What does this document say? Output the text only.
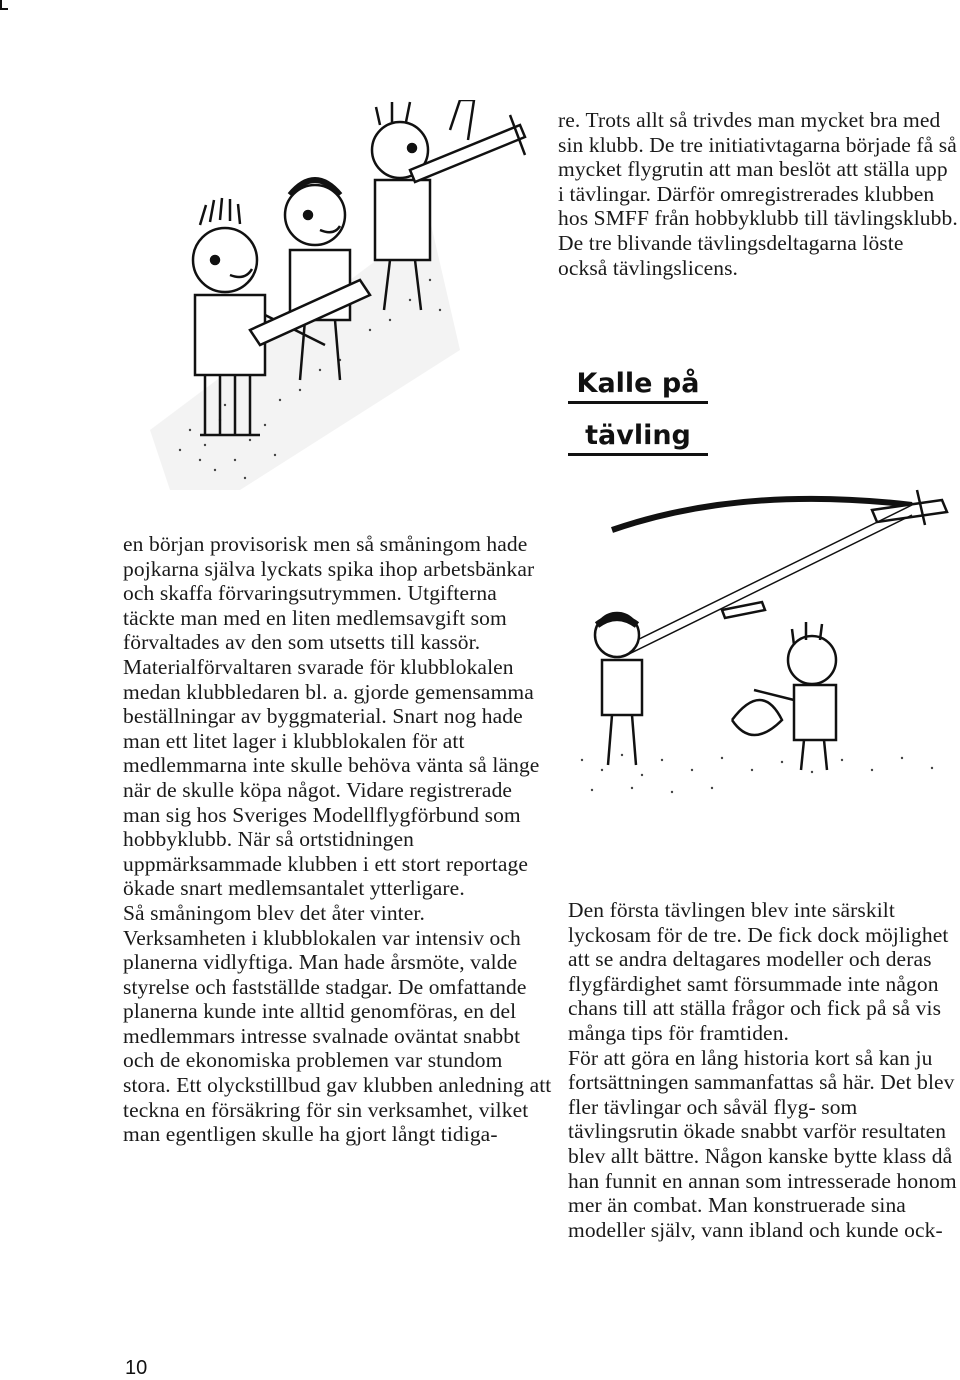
re. Trots allt så trivdes man mycket bra med sin klubb. De tre initiativtagarna började få så mycket flygrutin att man beslöt att ställa upp i tävlingar. Därför omregistrerades klubben hos SMFF från hobbyklubb till tävlingsklubb. De tre blivande tävlingsdeltagarna löste också tävlingslicens.

Kalle på
tävling

en början provisorisk men så småningom hade pojkarna själva lyckats spika ihop arbetsbänkar och skaffa förvaringsutrymmen. Utgifterna täckte man med en liten medlemsavgift som förvaltades av den som utsetts till kassör. Materialförvaltaren svarade för klubblokalen medan klubbledaren bl. a. gjorde gemensamma beställningar av byggmaterial. Snart nog hade man ett litet lager i klubblokalen för att medlemmarna inte skulle behöva vänta så länge när de skulle köpa något. Vidare registrerade man sig hos Sveriges Modellflygförbund som hobbyklubb. När så ortstidningen uppmärksammade klubben i ett stort reportage ökade snart medlemsantalet ytterligare.

Så småningom blev det åter vinter. Verksamheten i klubblokalen var intensiv och planerna vidlyftiga. Man hade årsmöte, valde styrelse och fastställde stadgar. De omfattande planerna kunde inte alltid genomföras, en del medlemmars intresse svalnade oväntat snabbt och de ekonomiska problemen var stundom stora. Ett olyckstillbud gav klubben anledning att teckna en försäkring för sin verksamhet, vilket man egentligen skulle ha gjort långt tidiga-

Den första tävlingen blev inte särskilt lyckosam för de tre. De fick dock möjlighet att se andra deltagares modeller och deras flygfärdighet samt försummade inte någon chans till att ställa frågor och fick på så vis många tips för framtiden.

För att göra en lång historia kort så kan ju fortsättningen sammanfattas så här. Det blev fler tävlingar och såväl flyg- som tävlingsrutin ökade snabbt varför resultaten blev allt bättre. Någon kanske bytte klass då han funnit en annan som intresserade honom mer än combat. Man konstruerade sina modeller själv, vann ibland och kunde ock-

10
